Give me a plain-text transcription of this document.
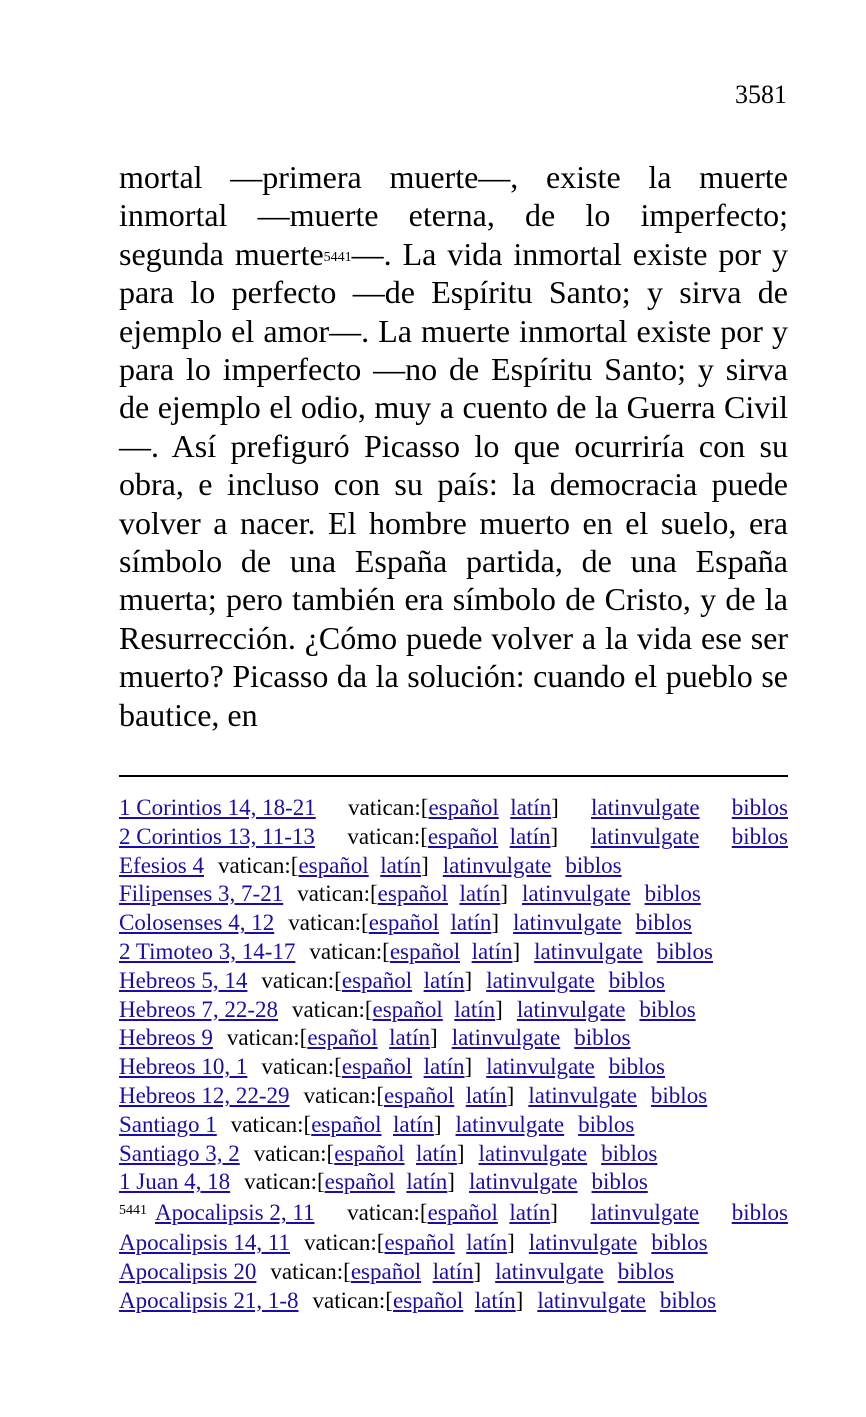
3581

mortal —primera muerte—, existe la muerte inmortal —muerte eterna, de lo imperfecto; segunda muerte$^{5441}$—. La vida inmortal existe por y para lo perfecto —de Espíritu Santo; y sirva de ejemplo el amor—. La muerte inmortal existe por y para lo imperfecto —no de Espíritu Santo; y sirva de ejemplo el odio, muy a cuento de la Guerra Civil—. Así prefiguró Picasso lo que ocurriría con su obra, e incluso con su país: la democracia puede volver a nacer. El hombre muerto en el suelo, era símbolo de una España partida, de una España muerta; pero también era símbolo de Cristo, y de la Resurrección. ¿Cómo puede volver a la vida ese ser muerto? Picasso da la solución: cuando el pueblo se bautice, en

1 Corintios 14, 18-21 vatican:[español latín] latinvulgate biblos
2 Corintios 13, 11-13 vatican:[español latín] latinvulgate biblos
Efesios 4 vatican:[español latín] latinvulgate biblos
Filipenses 3, 7-21 vatican:[español latín] latinvulgate biblos
Colosenses 4, 12 vatican:[español latín] latinvulgate biblos
2 Timoteo 3, 14-17 vatican:[español latín] latinvulgate biblos
Hebreos 5, 14 vatican:[español latín] latinvulgate biblos
Hebreos 7, 22-28 vatican:[español latín] latinvulgate biblos
Hebreos 9 vatican:[español latín] latinvulgate biblos
Hebreos 10, 1 vatican:[español latín] latinvulgate biblos
Hebreos 12, 22-29 vatican:[español latín] latinvulgate biblos
Santiago 1 vatican:[español latín] latinvulgate biblos
Santiago 3, 2 vatican:[español latín] latinvulgate biblos
1 Juan 4, 18 vatican:[español latín] latinvulgate biblos
$^{5441}$ Apocalipsis 2, 11 vatican:[español latín] latinvulgate biblos
Apocalipsis 14, 11 vatican:[español latín] latinvulgate biblos
Apocalipsis 20 vatican:[español latín] latinvulgate biblos
Apocalipsis 21, 1-8 vatican:[español latín] latinvulgate biblos
